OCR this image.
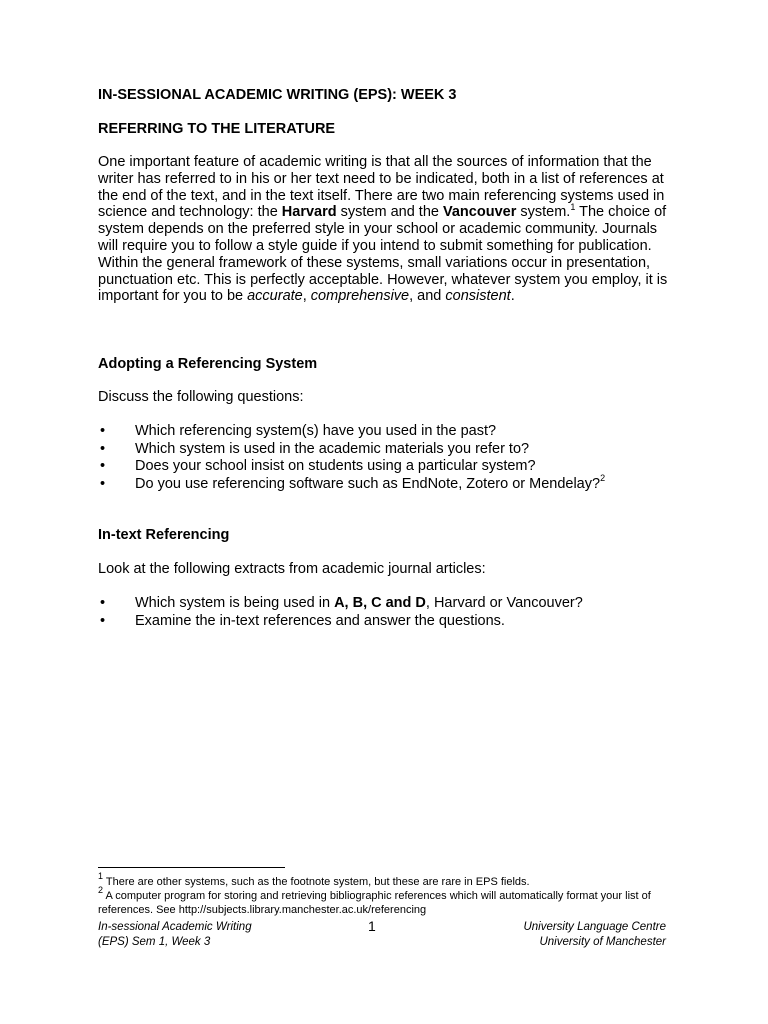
IN-SESSIONAL ACADEMIC WRITING (EPS): WEEK 3
REFERRING TO THE LITERATURE
One important feature of academic writing is that all the sources of information that the writer has referred to in his or her text need to be indicated, both in a list of references at the end of the text, and in the text itself. There are two main referencing systems used in science and technology: the Harvard system and the Vancouver system.$^1$ The choice of system depends on the preferred style in your school or academic community. Journals will require you to follow a style guide if you intend to submit something for publication. Within the general framework of these systems, small variations occur in presentation, punctuation etc. This is perfectly acceptable. However, whatever system you employ, it is important for you to be accurate, comprehensive, and consistent.
Adopting a Referencing System
Discuss the following questions:
• Which referencing system(s) have you used in the past?
• Which system is used in the academic materials you refer to?
• Does your school insist on students using a particular system?
• Do you use referencing software such as EndNote, Zotero or Mendelay?$^2$
In-text Referencing
Look at the following extracts from academic journal articles:
• Which system is being used in A, B, C and D, Harvard or Vancouver?
• Examine the in-text references and answer the questions.
$^1$ There are other systems, such as the footnote system, but these are rare in EPS fields.
$^2$ A computer program for storing and retrieving bibliographic references which will automatically format your list of references. See http://subjects.library.manchester.ac.uk/referencing
In-sessional Academic Writing
(EPS) Sem 1, Week 3
1	University Language Centre
University of Manchester
